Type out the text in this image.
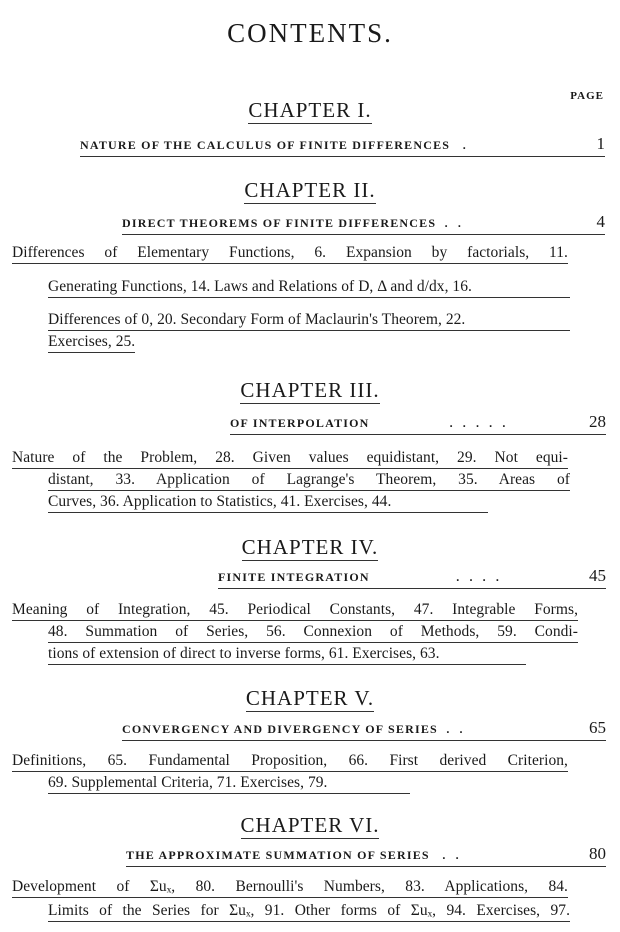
CONTENTS.
PAGE
CHAPTER I.
NATURE OF THE CALCULUS OF FINITE DIFFERENCES .	1
CHAPTER II.
DIRECT THEOREMS OF FINITE DIFFERENCES . .	4
Differences of Elementary Functions, 6. Expansion by factorials, 11.
Generating Functions, 14. Laws and Relations of D, Δ and d/dx, 16.
Differences of 0, 20. Secondary Form of Maclaurin's Theorem, 22.
Exercises, 25.
CHAPTER III.
OF INTERPOLATION	. . . . .	28
Nature of the Problem, 28. Given values equidistant, 29. Not equi-
distant, 33. Application of Lagrange's Theorem, 35. Areas of
Curves, 36. Application to Statistics, 41. Exercises, 44.
CHAPTER IV.
FINITE INTEGRATION	. . . .	45
Meaning of Integration, 45. Periodical Constants, 47. Integrable Forms,
48. Summation of Series, 56. Connexion of Methods, 59. Condi-
tions of extension of direct to inverse forms, 61. Exercises, 63.
CHAPTER V.
CONVERGENCY AND DIVERGENCY OF SERIES . .	65
Definitions, 65. Fundamental Proposition, 66. First derived Criterion,
69. Supplemental Criteria, 71. Exercises, 79.
CHAPTER VI.
THE APPROXIMATE SUMMATION OF SERIES . .	80
Development of Σuₓ, 80. Bernoulli's Numbers, 83. Applications, 84.
Limits of the Series for Σuₓ, 91. Other forms of Σuₓ, 94. Exercises, 97.
